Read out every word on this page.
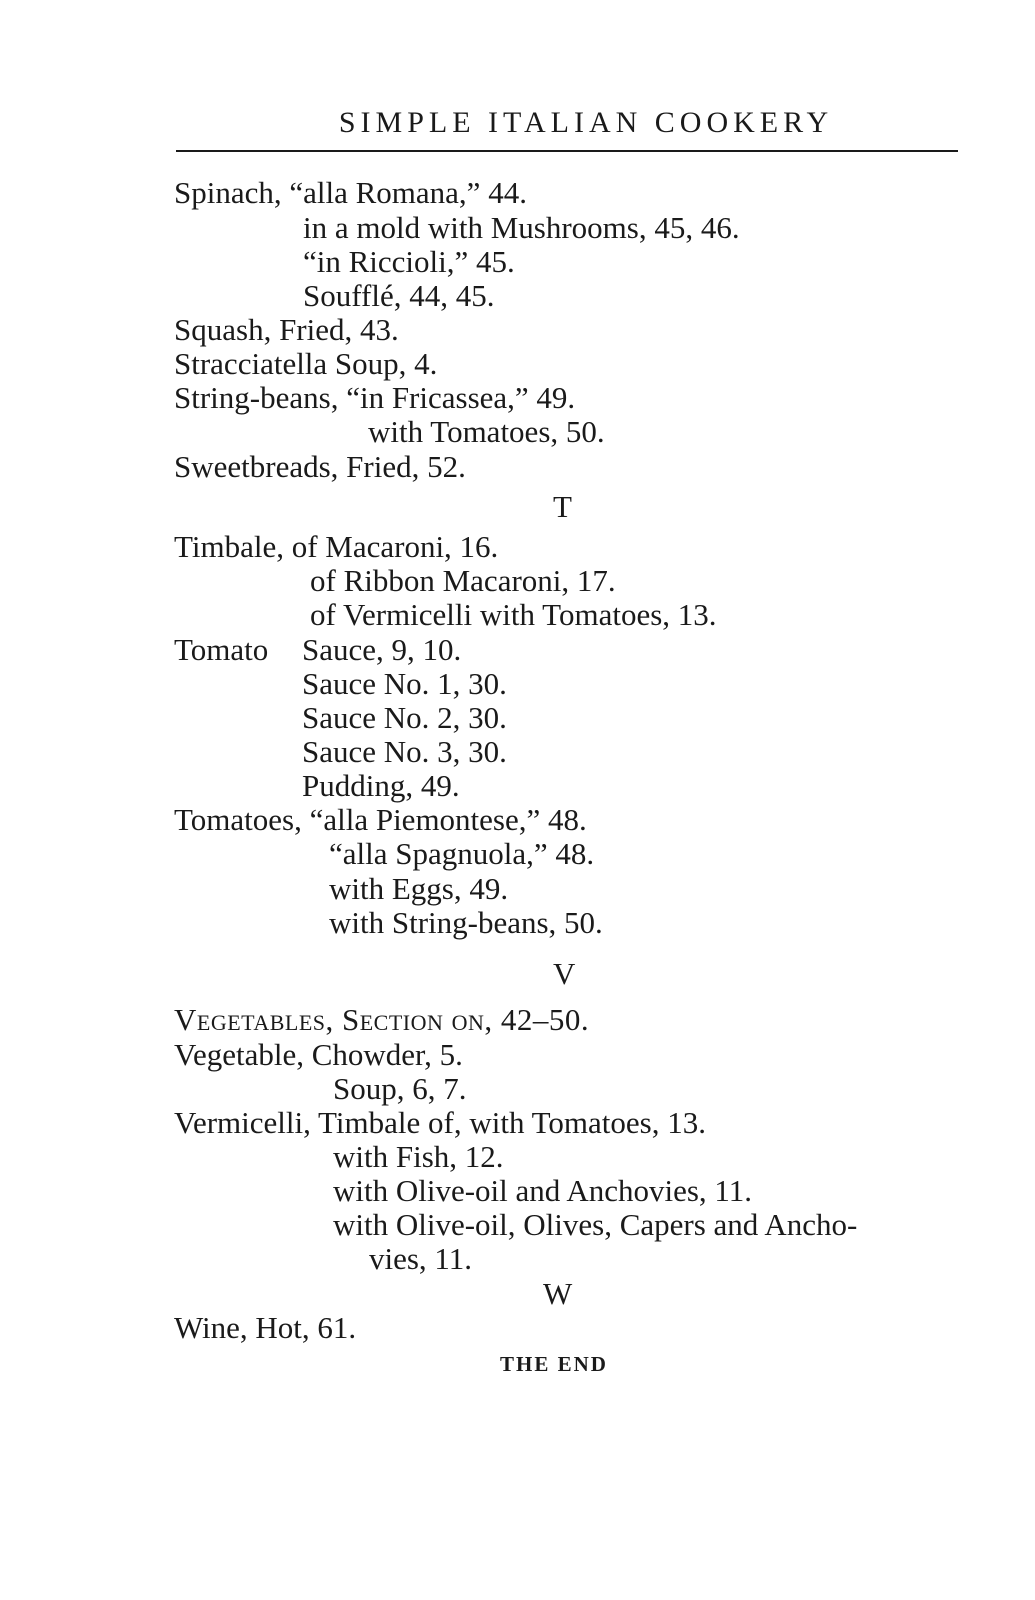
SIMPLE ITALIAN COOKERY
Spinach, “alla Romana,” 44.
in a mold with Mushrooms, 45, 46.
“in Riccioli,” 45.
Soufflé, 44, 45.
Squash, Fried, 43.
Stracciatella Soup, 4.
String-beans, “in Fricassea,” 49.
with Tomatoes, 50.
Sweetbreads, Fried, 52.
T
Timbale, of Macaroni, 16.
of Ribbon Macaroni, 17.
of Vermicelli with Tomatoes, 13.
Tomato Sauce, 9, 10.
Sauce No. 1, 30.
Sauce No. 2, 30.
Sauce No. 3, 30.
Pudding, 49.
Tomatoes, “alla Piemontese,” 48.
“alla Spagnuola,” 48.
with Eggs, 49.
with String-beans, 50.
V
Vegetables, Section on, 42–50.
Vegetable, Chowder, 5.
Soup, 6, 7.
Vermicelli, Timbale of, with Tomatoes, 13.
with Fish, 12.
with Olive-oil and Anchovies, 11.
with Olive-oil, Olives, Capers and Ancho-
vies, 11.
W
Wine, Hot, 61.
THE END
